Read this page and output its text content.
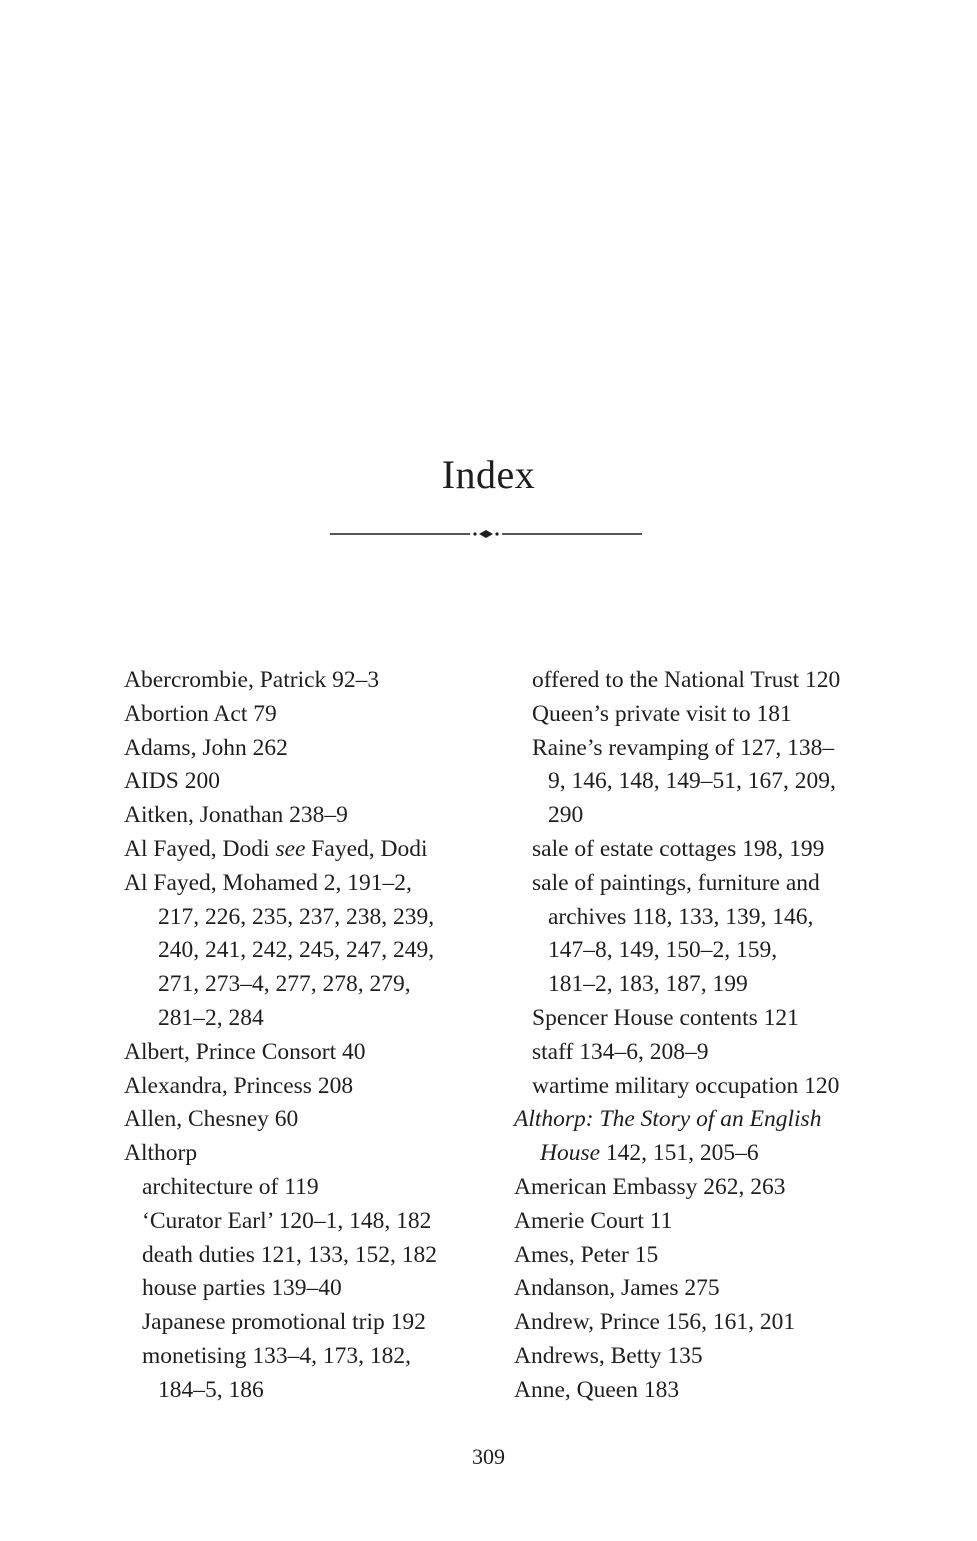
Index
Abercrombie, Patrick 92–3
Abortion Act 79
Adams, John 262
AIDS 200
Aitken, Jonathan 238–9
Al Fayed, Dodi see Fayed, Dodi
Al Fayed, Mohamed 2, 191–2,
217, 226, 235, 237, 238, 239,
240, 241, 242, 245, 247, 249,
271, 273–4, 277, 278, 279,
281–2, 284
Albert, Prince Consort 40
Alexandra, Princess 208
Allen, Chesney 60
Althorp
architecture of 119
‘Curator Earl’ 120–1, 148, 182
death duties 121, 133, 152, 182
house parties 139–40
Japanese promotional trip 192
monetising 133–4, 173, 182,
184–5, 186
offered to the National Trust 120
Queen’s private visit to 181
Raine’s revamping of 127, 138–
9, 146, 148, 149–51, 167, 209,
290
sale of estate cottages 198, 199
sale of paintings, furniture and
archives 118, 133, 139, 146,
147–8, 149, 150–2, 159,
181–2, 183, 187, 199
Spencer House contents 121
staff 134–6, 208–9
wartime military occupation 120
Althorp: The Story of an English
House 142, 151, 205–6
American Embassy 262, 263
Amerie Court 11
Ames, Peter 15
Andanson, James 275
Andrew, Prince 156, 161, 201
Andrews, Betty 135
Anne, Queen 183
309
